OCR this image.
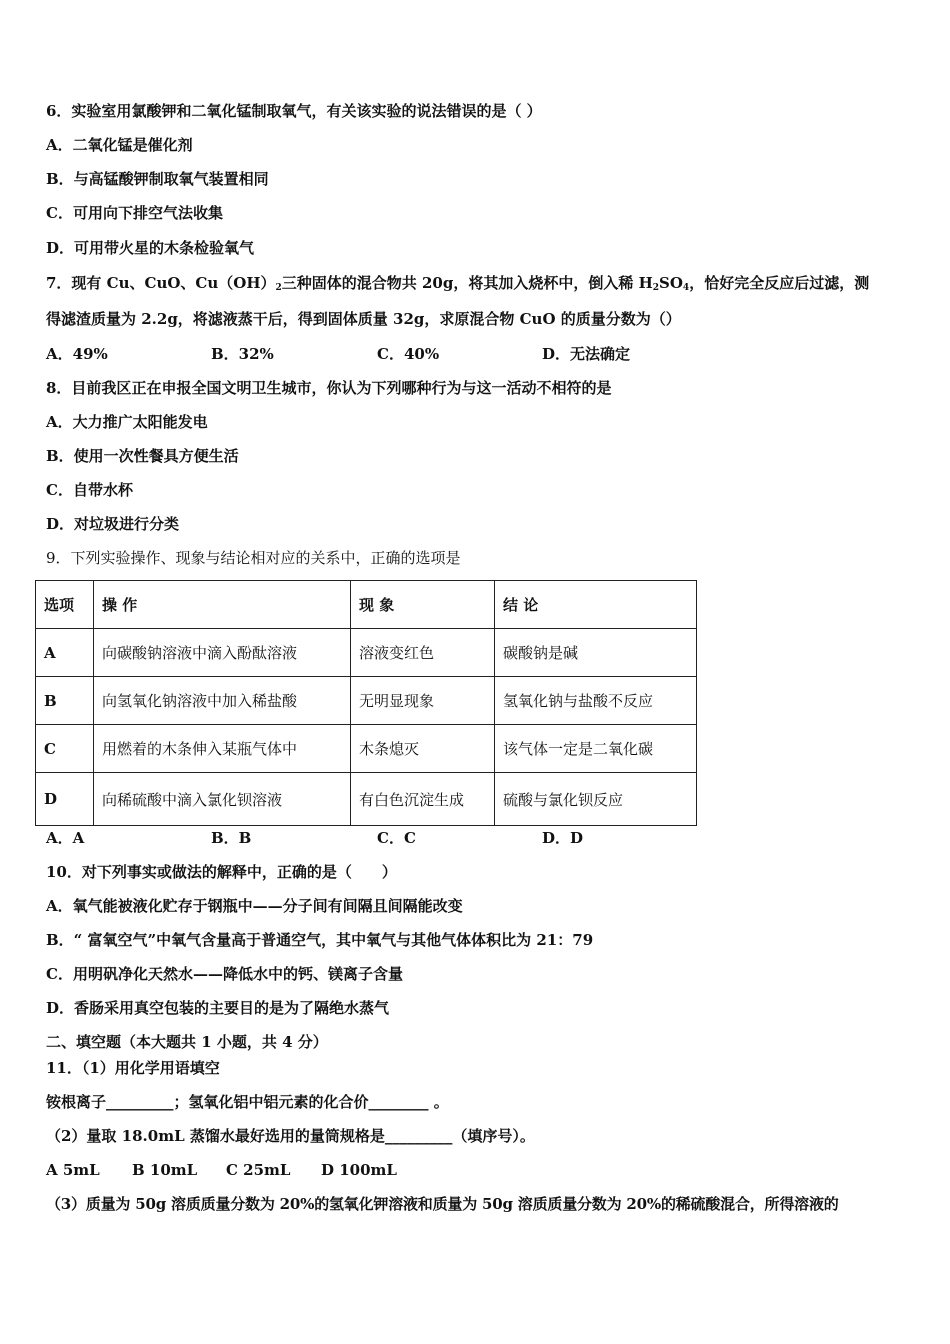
6．实验室用氯酸钾和二氧化锰制取氧气，有关该实验的说法错误的是（ ）
A．二氧化锰是催化剂
B．与高锰酸钾制取氧气装置相同
C．可用向下排空气法收集
D．可用带火星的木条检验氧气
7．现有 Cu、CuO、$Cu(OH)_2$三种固体的混合物共 20g，将其加入烧杯中，倒入稀 $H_2SO_4$，恰好完全反应后过滤，测
得滤渣质量为 2.2g，将滤液蒸干后，得到固体质量 32g，求原混合物 CuO 的质量分数为（）
A．49%	B．32%	C．40%	D．无法确定
8．目前我区正在申报全国文明卫生城市，你认为下列哪种行为与这一活动不相符的是
A．大力推广太阳能发电
B．使用一次性餐具方便生活
C．自带水杯
D．对垃圾进行分类
9．下列实验操作、现象与结论相对应的关系中，正确的选项是
选项	操 作	现 象	结 论
A	向碳酸钠溶液中滴入酚酞溶液	溶液变红色	碳酸钠是碱
B	向氢氧化钠溶液中加入稀盐酸	无明显现象	氢氧化钠与盐酸不反应
C	用燃着的木条伸入某瓶气体中	木条熄灭	该气体一定是二氧化碳
D	向稀硫酸中滴入氯化钡溶液	有白色沉淀生成	硫酸与氯化钡反应
A．A	B．B	C．C	D．D
10．对下列事实或做法的解释中，正确的是（　　）
A．氧气能被液化贮存于钢瓶中——分子间有间隔且间隔能改变
B．“ 富氧空气”中氧气含量高于普通空气，其中氧气与其他气体体积比为 21：79
C．用明矾净化天然水——降低水中的钙、镁离子含量
D．香肠采用真空包装的主要目的是为了隔绝水蒸气
二、填空题（本大题共 1 小题，共 4 分）
11．（1）用化学用语填空
铵根离子_________；氢氧化铝中铝元素的化合价________ 。
（2）量取 18.0mL 蒸馏水最好选用的量筒规格是_________（填序号）。
A 5mL B 10mL C 25mL D 100mL
（3）质量为 50g 溶质质量分数为 20%的氢氧化钾溶液和质量为 50g 溶质质量分数为 20%的稀硫酸混合，所得溶液的
